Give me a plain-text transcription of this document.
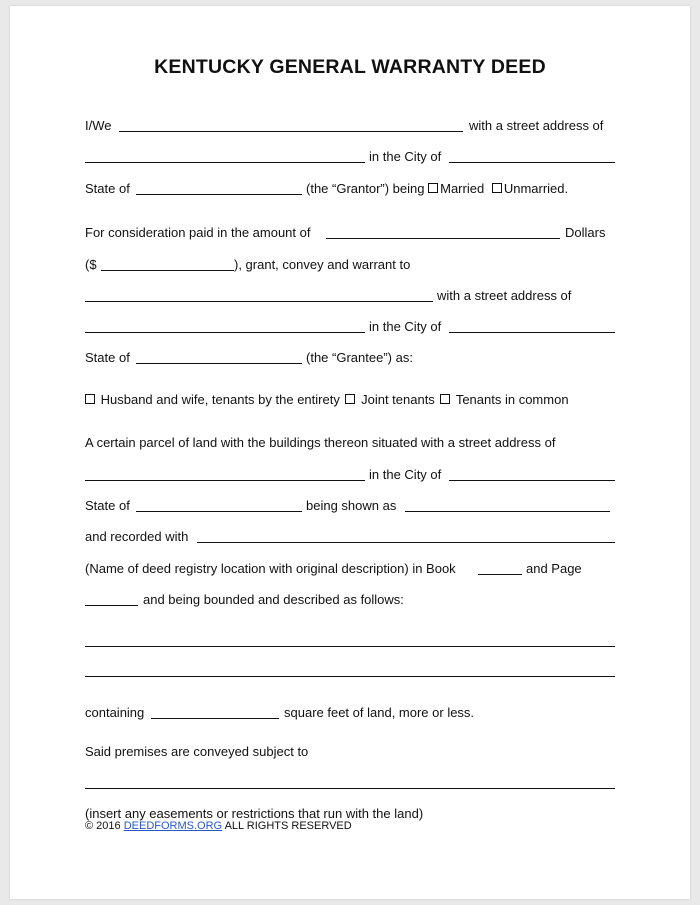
KENTUCKY GENERAL WARRANTY DEED
I/We	with a street address of
in the City of
State of	(the “Grantor”) being Married Unmarried.
For consideration paid in the amount of	Dollars
($	), grant, convey and warrant to
with a street address of
in the City of
State of	(the “Grantee”) as:
Husband and wife, tenants by the entirety Joint tenants Tenants in common
A certain parcel of land with the buildings thereon situated with a street address of
in the City of
State of	being shown as
and recorded with
(Name of deed registry location with original description) in Book	and Page
and being bounded and described as follows:
containing	square feet of land, more or less.
Said premises are conveyed subject to
(insert any easements or restrictions that run with the land)
© 2016 DEEDFORMS.ORG ALL RIGHTS RESERVED
